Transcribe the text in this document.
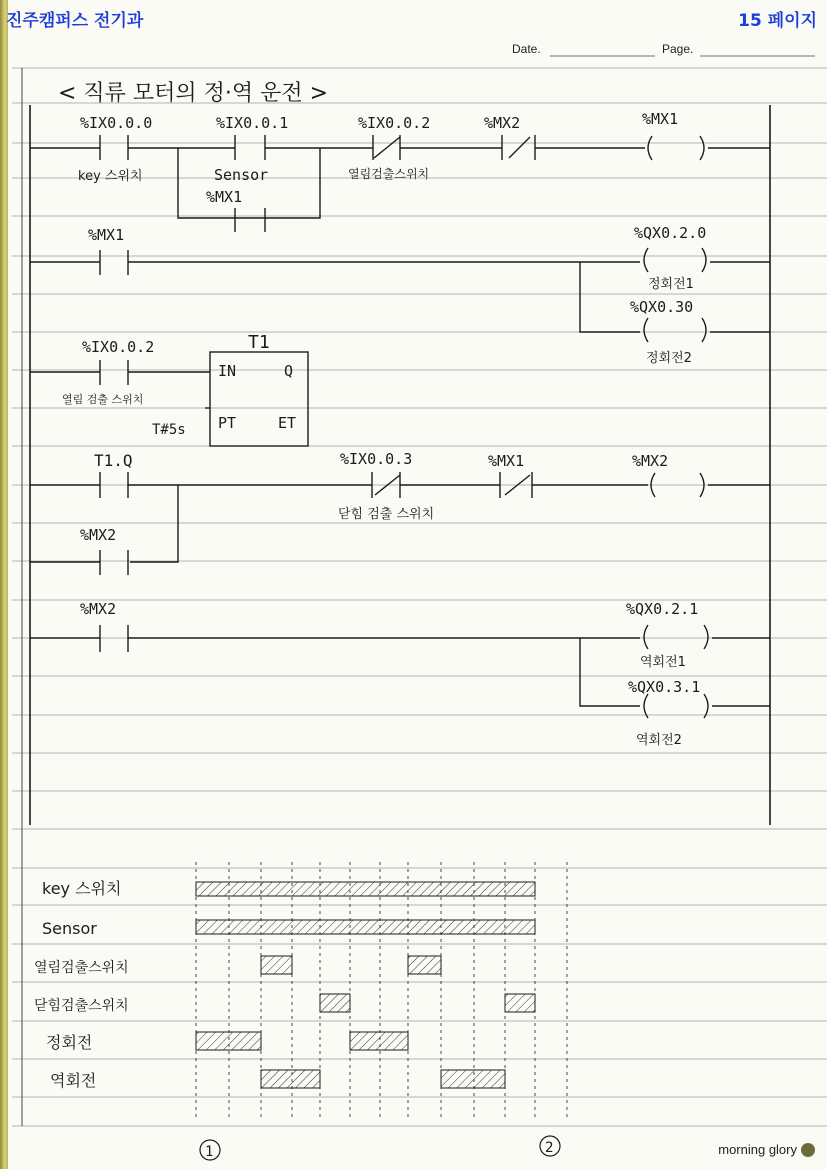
진주캠퍼스 전기과	15 페이지
Date.	Page.
< 직류 모터의 정·역 운전 >
%IX0.0.0
key 스위치
%IX0.0.1
Sensor
%MX1
%IX0.0.2
열림검출스위치
%MX2	%MX1
%MX1	%QX0.2.0
정회전1
%QX0.30
정회전2
%IX0.0.2
열림 검출 스위치
T1
IN	Q
PT	ET
T#5s
T1.Q
%MX2
%IX0.0.3
닫힘 검출 스위치
%MX1	%MX2
%MX2	%QX0.2.1
역회전1
%QX0.3.1
역회전2
key 스위치
Sensor
열림검출스위치
닫힘검출스위치
정회전
역회전
1	2	morning glory
